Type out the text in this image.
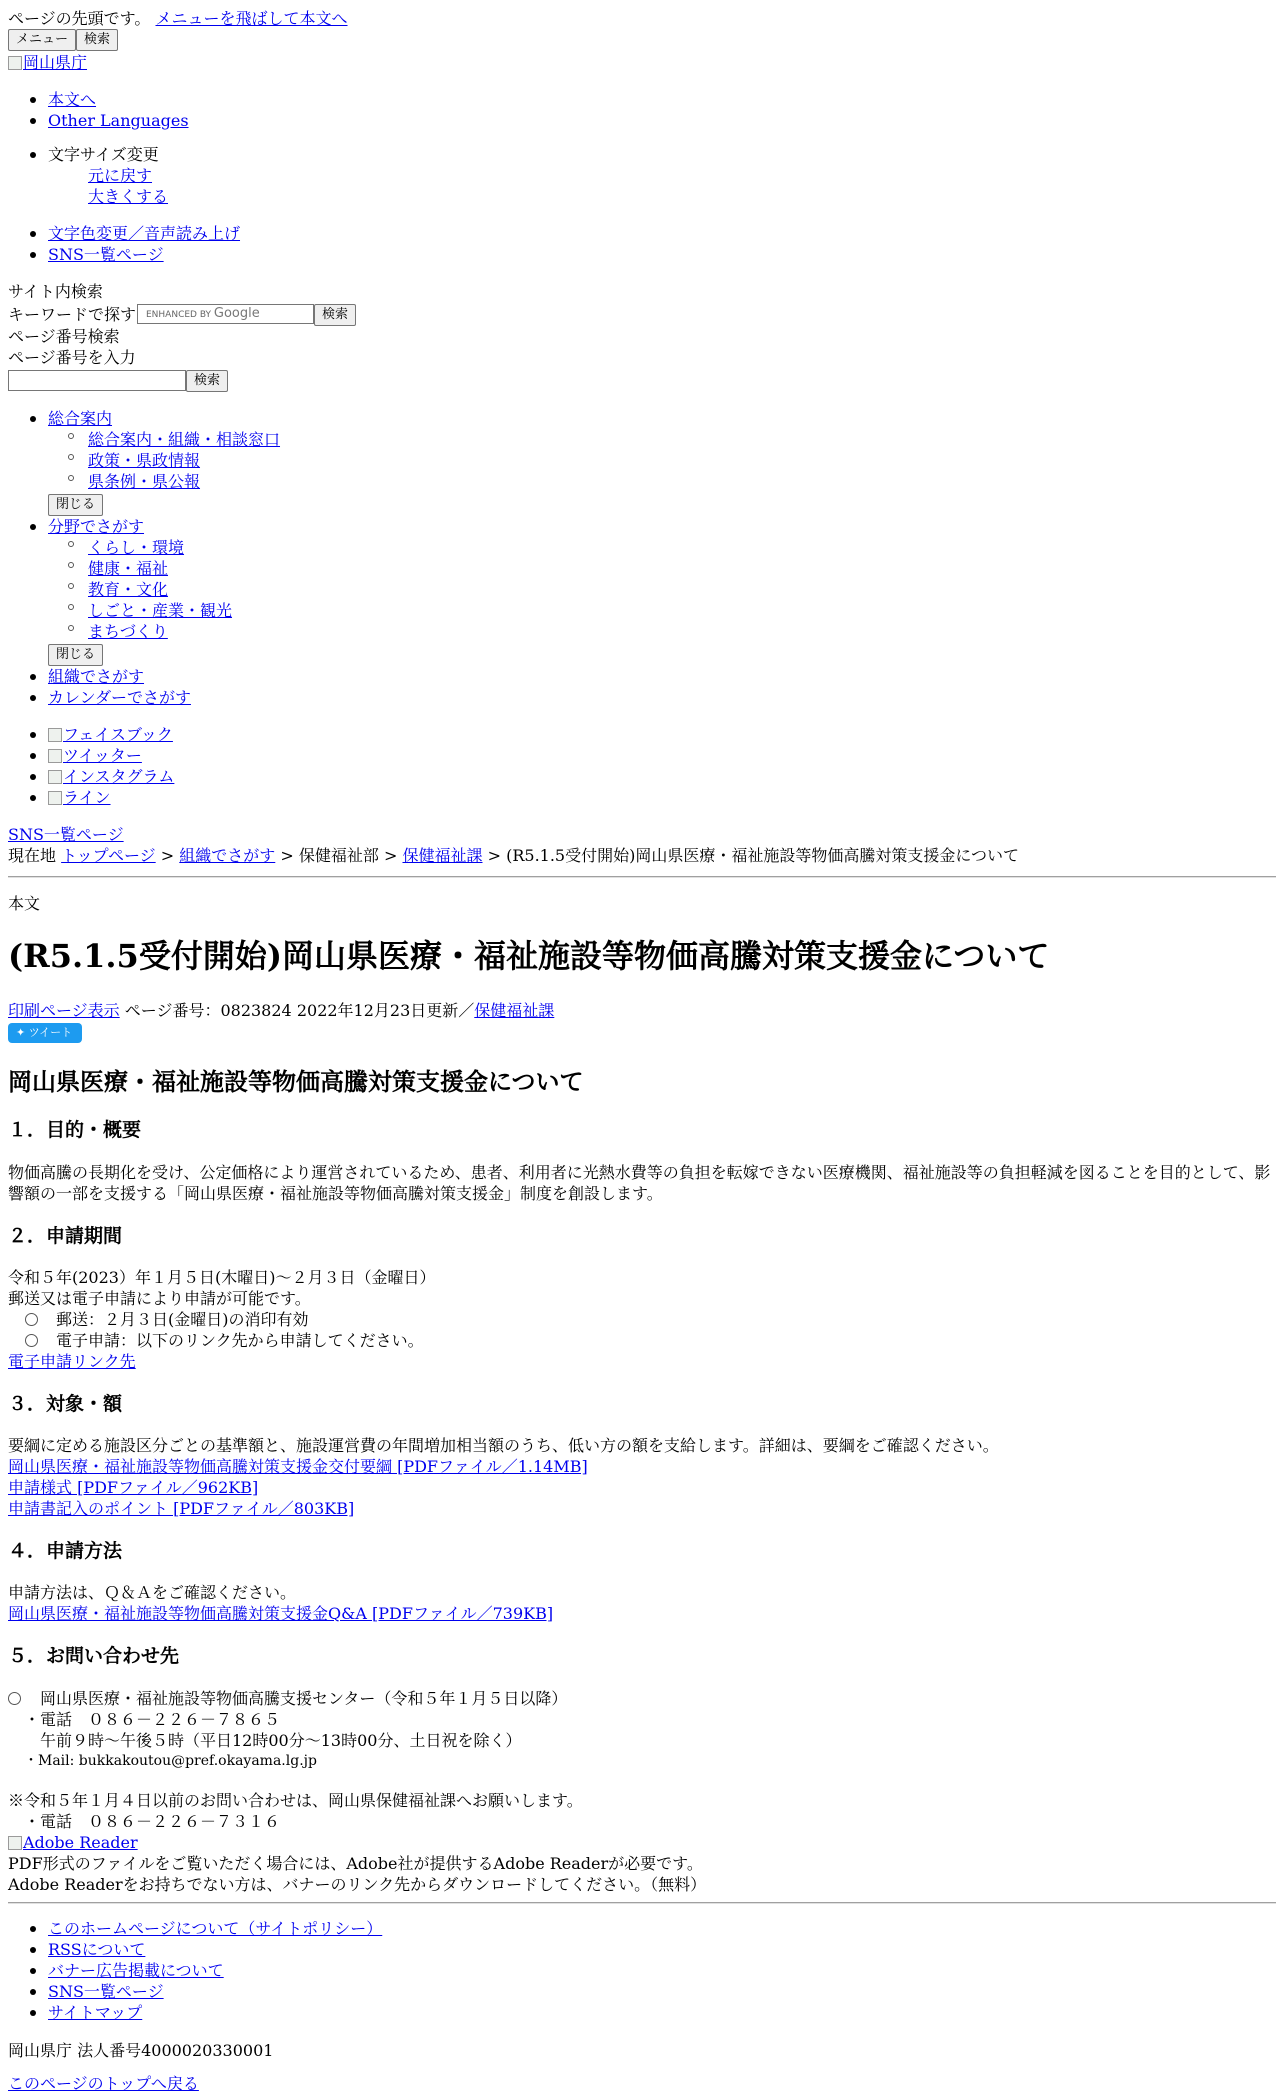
ページの先頭です。 メニューを飛ばして本文へ
メニュー	検索
岡山県庁
本文へ
Other Languages
文字サイズ変更
元に戻す
大きくする
文字色変更／音声読み上げ
SNS一覧ページ
サイト内検索
キーワードで探す	ENHANCED BY Google	検索
ページ番号検索
ページ番号を入力
検索
総合案内
総合案内・組織・相談窓口
政策・県政情報
県条例・県公報
閉じる
分野でさがす
くらし・環境
健康・福祉
教育・文化
しごと・産業・観光
まちづくり
閉じる
組織でさがす
カレンダーでさがす
フェイスブック
ツイッター
インスタグラム
ライン
SNS一覧ページ
現在地 トップページ > 組織でさがす > 保健福祉部 > 保健福祉課 > (R5.1.5受付開始)岡山県医療・福祉施設等物価高騰対策支援金について
本文
(R5.1.5受付開始)岡山県医療・福祉施設等物価高騰対策支援金について
印刷ページ表示 ページ番号：0823824 2022年12月23日更新／保健福祉課
✦ ツイート
岡山県医療・福祉施設等物価高騰対策支援金について
１．目的・概要
物価高騰の長期化を受け、公定価格により運営されているため、患者、利用者に光熱水費等の負担を転嫁できない医療機関、福祉施設等の負担軽減を図ることを目的として、影
響額の一部を支援する「岡山県医療・福祉施設等物価高騰対策支援金」制度を創設します。
２．申請期間
令和５年(2023）年１月５日(木曜日)～２月３日（金曜日）
郵送又は電子申請により申請が可能です。
郵送：２月３日(金曜日)の消印有効
電子申請：以下のリンク先から申請してください。
電子申請リンク先
３．対象・額
要綱に定める施設区分ごとの基準額と、施設運営費の年間増加相当額のうち、低い方の額を支給します。詳細は、要綱をご確認ください。
岡山県医療・福祉施設等物価高騰対策支援金交付要綱 [PDFファイル／1.14MB]
申請様式 [PDFファイル／962KB]
申請書記入のポイント [PDFファイル／803KB]
４．申請方法
申請方法は、Ｑ＆Ａをご確認ください。
岡山県医療・福祉施設等物価高騰対策支援金Q&A [PDFファイル／739KB]
５．お問い合わせ先
岡山県医療・福祉施設等物価高騰支援センター（令和５年１月５日以降）
・電話　０８６－２２６－７８６５
午前９時～午後５時（平日12時00分～13時00分、土日祝を除く）
・Mail: bukkakoutou@pref.okayama.lg.jp
※令和５年１月４日以前のお問い合わせは、岡山県保健福祉課へお願いします。
・電話　０８６－２２６－７３１６
Adobe Reader
PDF形式のファイルをご覧いただく場合には、Adobe社が提供するAdobe Readerが必要です。
Adobe Readerをお持ちでない方は、バナーのリンク先からダウンロードしてください。（無料）
このホームページについて（サイトポリシー）
RSSについて
バナー広告掲載について
SNS一覧ページ
サイトマップ
岡山県庁 法人番号4000020330001
このページのトップへ戻る
